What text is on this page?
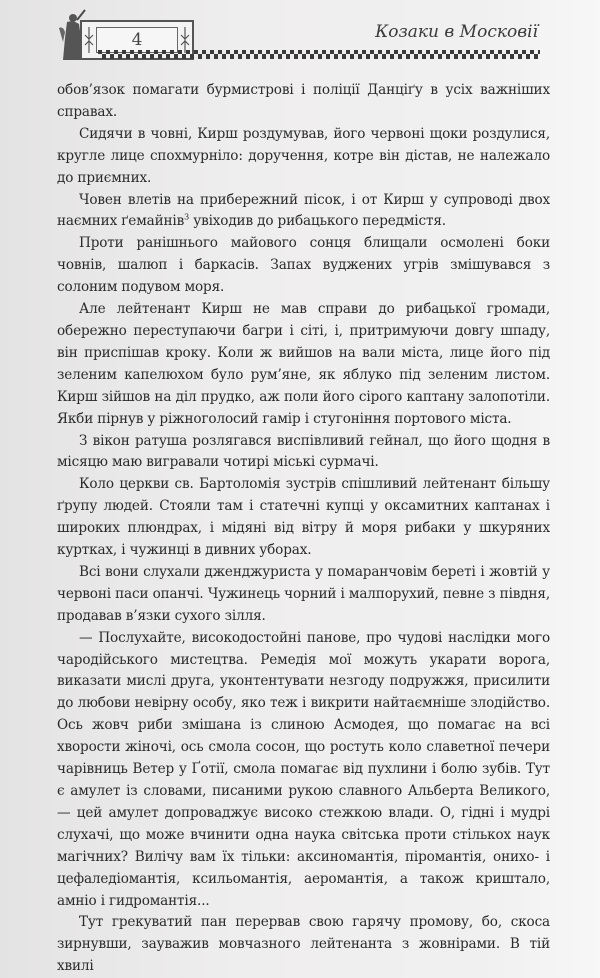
4	Козаки в Московії

обов’язок помагати бурмистрові і поліції Данціґу в усіх важніших справах.

Сидячи в човні, Кирш роздумував, його червоні щоки роздулися, кругле лице спохмурніло: доручення, котре він дістав, не належало до приємних.

Човен влетів на прибережний пісок, і от Кирш у супроводі двох наємних ґемайнів$^3$ увіходив до рибацького передмістя.

Проти ранішнього майового сонця блищали осмолені боки човнів, шалюп і баркасів. Запах вуджених угрів змішувався з солоним подувом моря.

Але лейтенант Кирш не мав справи до рибацької громади, обережно переступаючи багри і сіті, і, притримуючи довгу шпаду, він приспішав кроку. Коли ж вийшов на вали міста, лице його під зеленим капелюхом було рум’яне, як яблуко під зеленим листом. Кирш зійшов на діл прудко, аж поли його сірого каптану залопотіли. Якби пірнув у ріжноголосий гамір і стугоніння портового міста.

З вікон ратуша розлягався виспівливий гейнал, що його щодня в місяцю маю вигравали чотирі міські сурмачі.

Коло церкви св. Бартоломія зустрів спішливий лейтенант більшу ґрупу людей. Стояли там і статечні купці у оксамитних каптанах і широких плюндрах, і мідяні від вітру й моря рибаки у шкуряних куртках, і чужинці в дивних уборах.

Всі вони слухали дженджуриста у помаранчовім береті і жовтій у червоні паси опанчі. Чужинець чорний і малпорухий, певне з півдня, продавав в’язки сухого зілля.

— Послухайте, високодостойні панове, про чудові наслідки мого чародійського мистецтва. Ремедія мої можуть укарати ворога, виказати мислі друга, уконтентувати незгоду подружжя, присилити до любови невірну особу, яко теж і викрити найтаємніше злодійство. Ось жовч риби змішана із слиною Асмодея, що помагає на всі хворости жіночі, ось смола сосон, що ростуть коло славетної печери чарівниць Ветер у Ґотії, смола помагає від пухлини і болю зубів. Тут є амулет із словами, писаними рукою славного Альберта Великого, — цей амулет допроваджує високо стежкою влади. О, гідні і мудрі слухачі, що може вчинити одна наука світська проти стількох наук магічних? Вилічу вам їх тільки: аксиномантія, піромантія, онихо- і цефаледіомантія, ксильомантія, аеромантія, а також криштало, амніо і гидромантія...

Тут грекуватий пан перервав свою гарячу промову, бо, скоса зирнувши, зауважив мовчазного лейтенанта з жовнірами. В тій хвилі
